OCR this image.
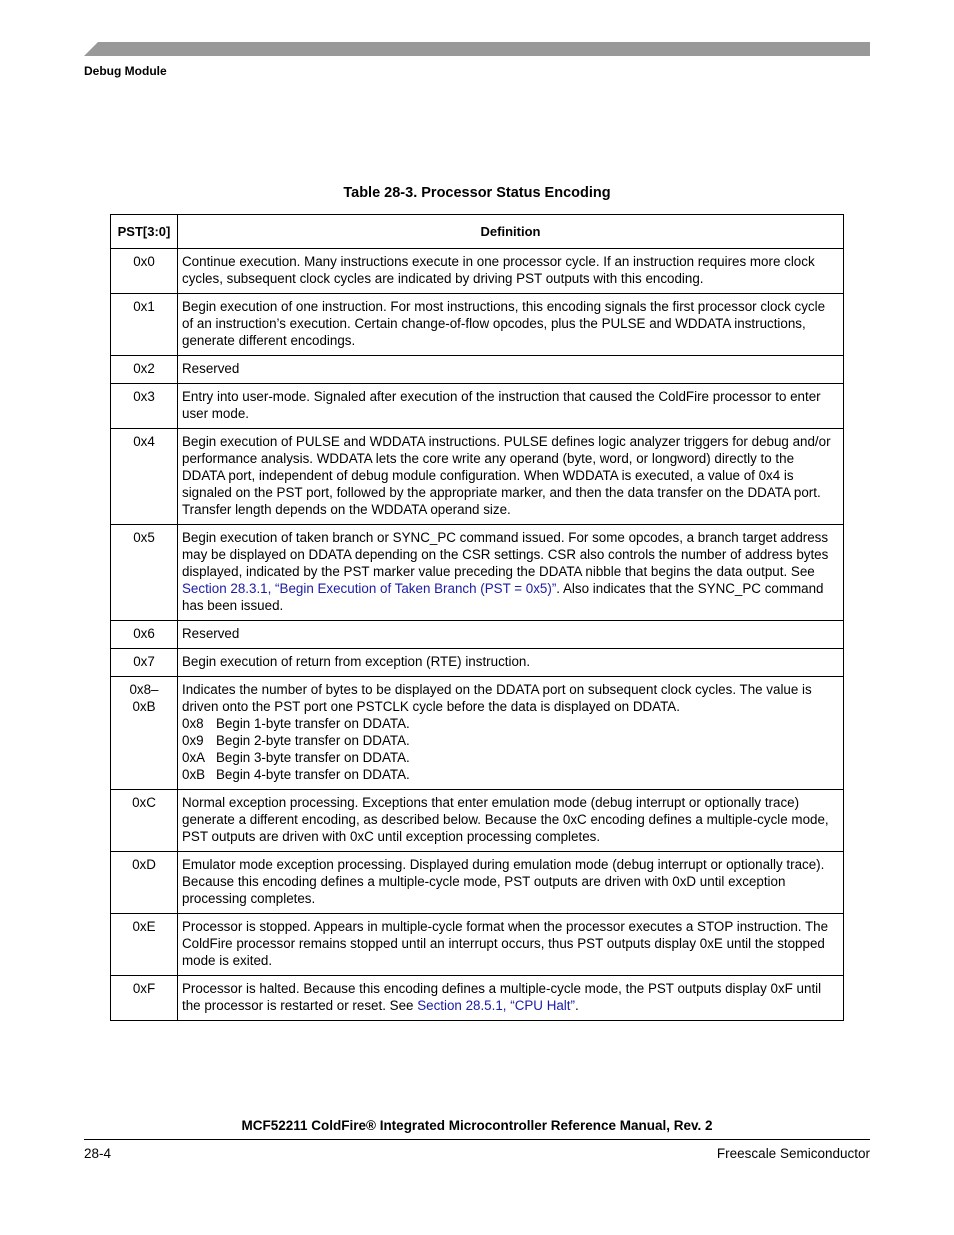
Debug Module
Table 28-3. Processor Status Encoding
PST[3:0]	Definition
0x0	Continue execution. Many instructions execute in one processor cycle. If an instruction requires more clock cycles, subsequent clock cycles are indicated by driving PST outputs with this encoding.
0x1	Begin execution of one instruction. For most instructions, this encoding signals the first processor clock cycle of an instruction’s execution. Certain change-of-flow opcodes, plus the PULSE and WDDATA instructions, generate different encodings.
0x2	Reserved
0x3	Entry into user-mode. Signaled after execution of the instruction that caused the ColdFire processor to enter user mode.
0x4	Begin execution of PULSE and WDDATA instructions. PULSE defines logic analyzer triggers for debug and/or performance analysis. WDDATA lets the core write any operand (byte, word, or longword) directly to the DDATA port, independent of debug module configuration. When WDDATA is executed, a value of 0x4 is signaled on the PST port, followed by the appropriate marker, and then the data transfer on the DDATA port. Transfer length depends on the WDDATA operand size.
0x5	Begin execution of taken branch or SYNC_PC command issued. For some opcodes, a branch target address may be displayed on DDATA depending on the CSR settings. CSR also controls the number of address bytes displayed, indicated by the PST marker value preceding the DDATA nibble that begins the data output. See Section 28.3.1, “Begin Execution of Taken Branch (PST = 0x5)”. Also indicates that the SYNC_PC command has been issued.
0x6	Reserved
0x7	Begin execution of return from exception (RTE) instruction.

0x8–
0xB	Indicates the number of bytes to be displayed on the DDATA port on subsequent clock cycles. The value is driven onto the PST port one PSTCLK cycle before the data is displayed on DDATA.
0x8 Begin 1-byte transfer on DDATA.
0x9 Begin 2-byte transfer on DDATA.
0xA Begin 3-byte transfer on DDATA.
0xB Begin 4-byte transfer on DDATA.

0xC	Normal exception processing. Exceptions that enter emulation mode (debug interrupt or optionally trace) generate a different encoding, as described below. Because the 0xC encoding defines a multiple-cycle mode, PST outputs are driven with 0xC until exception processing completes.
0xD	Emulator mode exception processing. Displayed during emulation mode (debug interrupt or optionally trace). Because this encoding defines a multiple-cycle mode, PST outputs are driven with 0xD until exception processing completes.
0xE	Processor is stopped. Appears in multiple-cycle format when the processor executes a STOP instruction. The ColdFire processor remains stopped until an interrupt occurs, thus PST outputs display 0xE until the stopped mode is exited.
0xF	Processor is halted. Because this encoding defines a multiple-cycle mode, the PST outputs display 0xF until the processor is restarted or reset. See Section 28.5.1, “CPU Halt”.
MCF52211 ColdFire® Integrated Microcontroller Reference Manual, Rev. 2
28-4	Freescale Semiconductor
